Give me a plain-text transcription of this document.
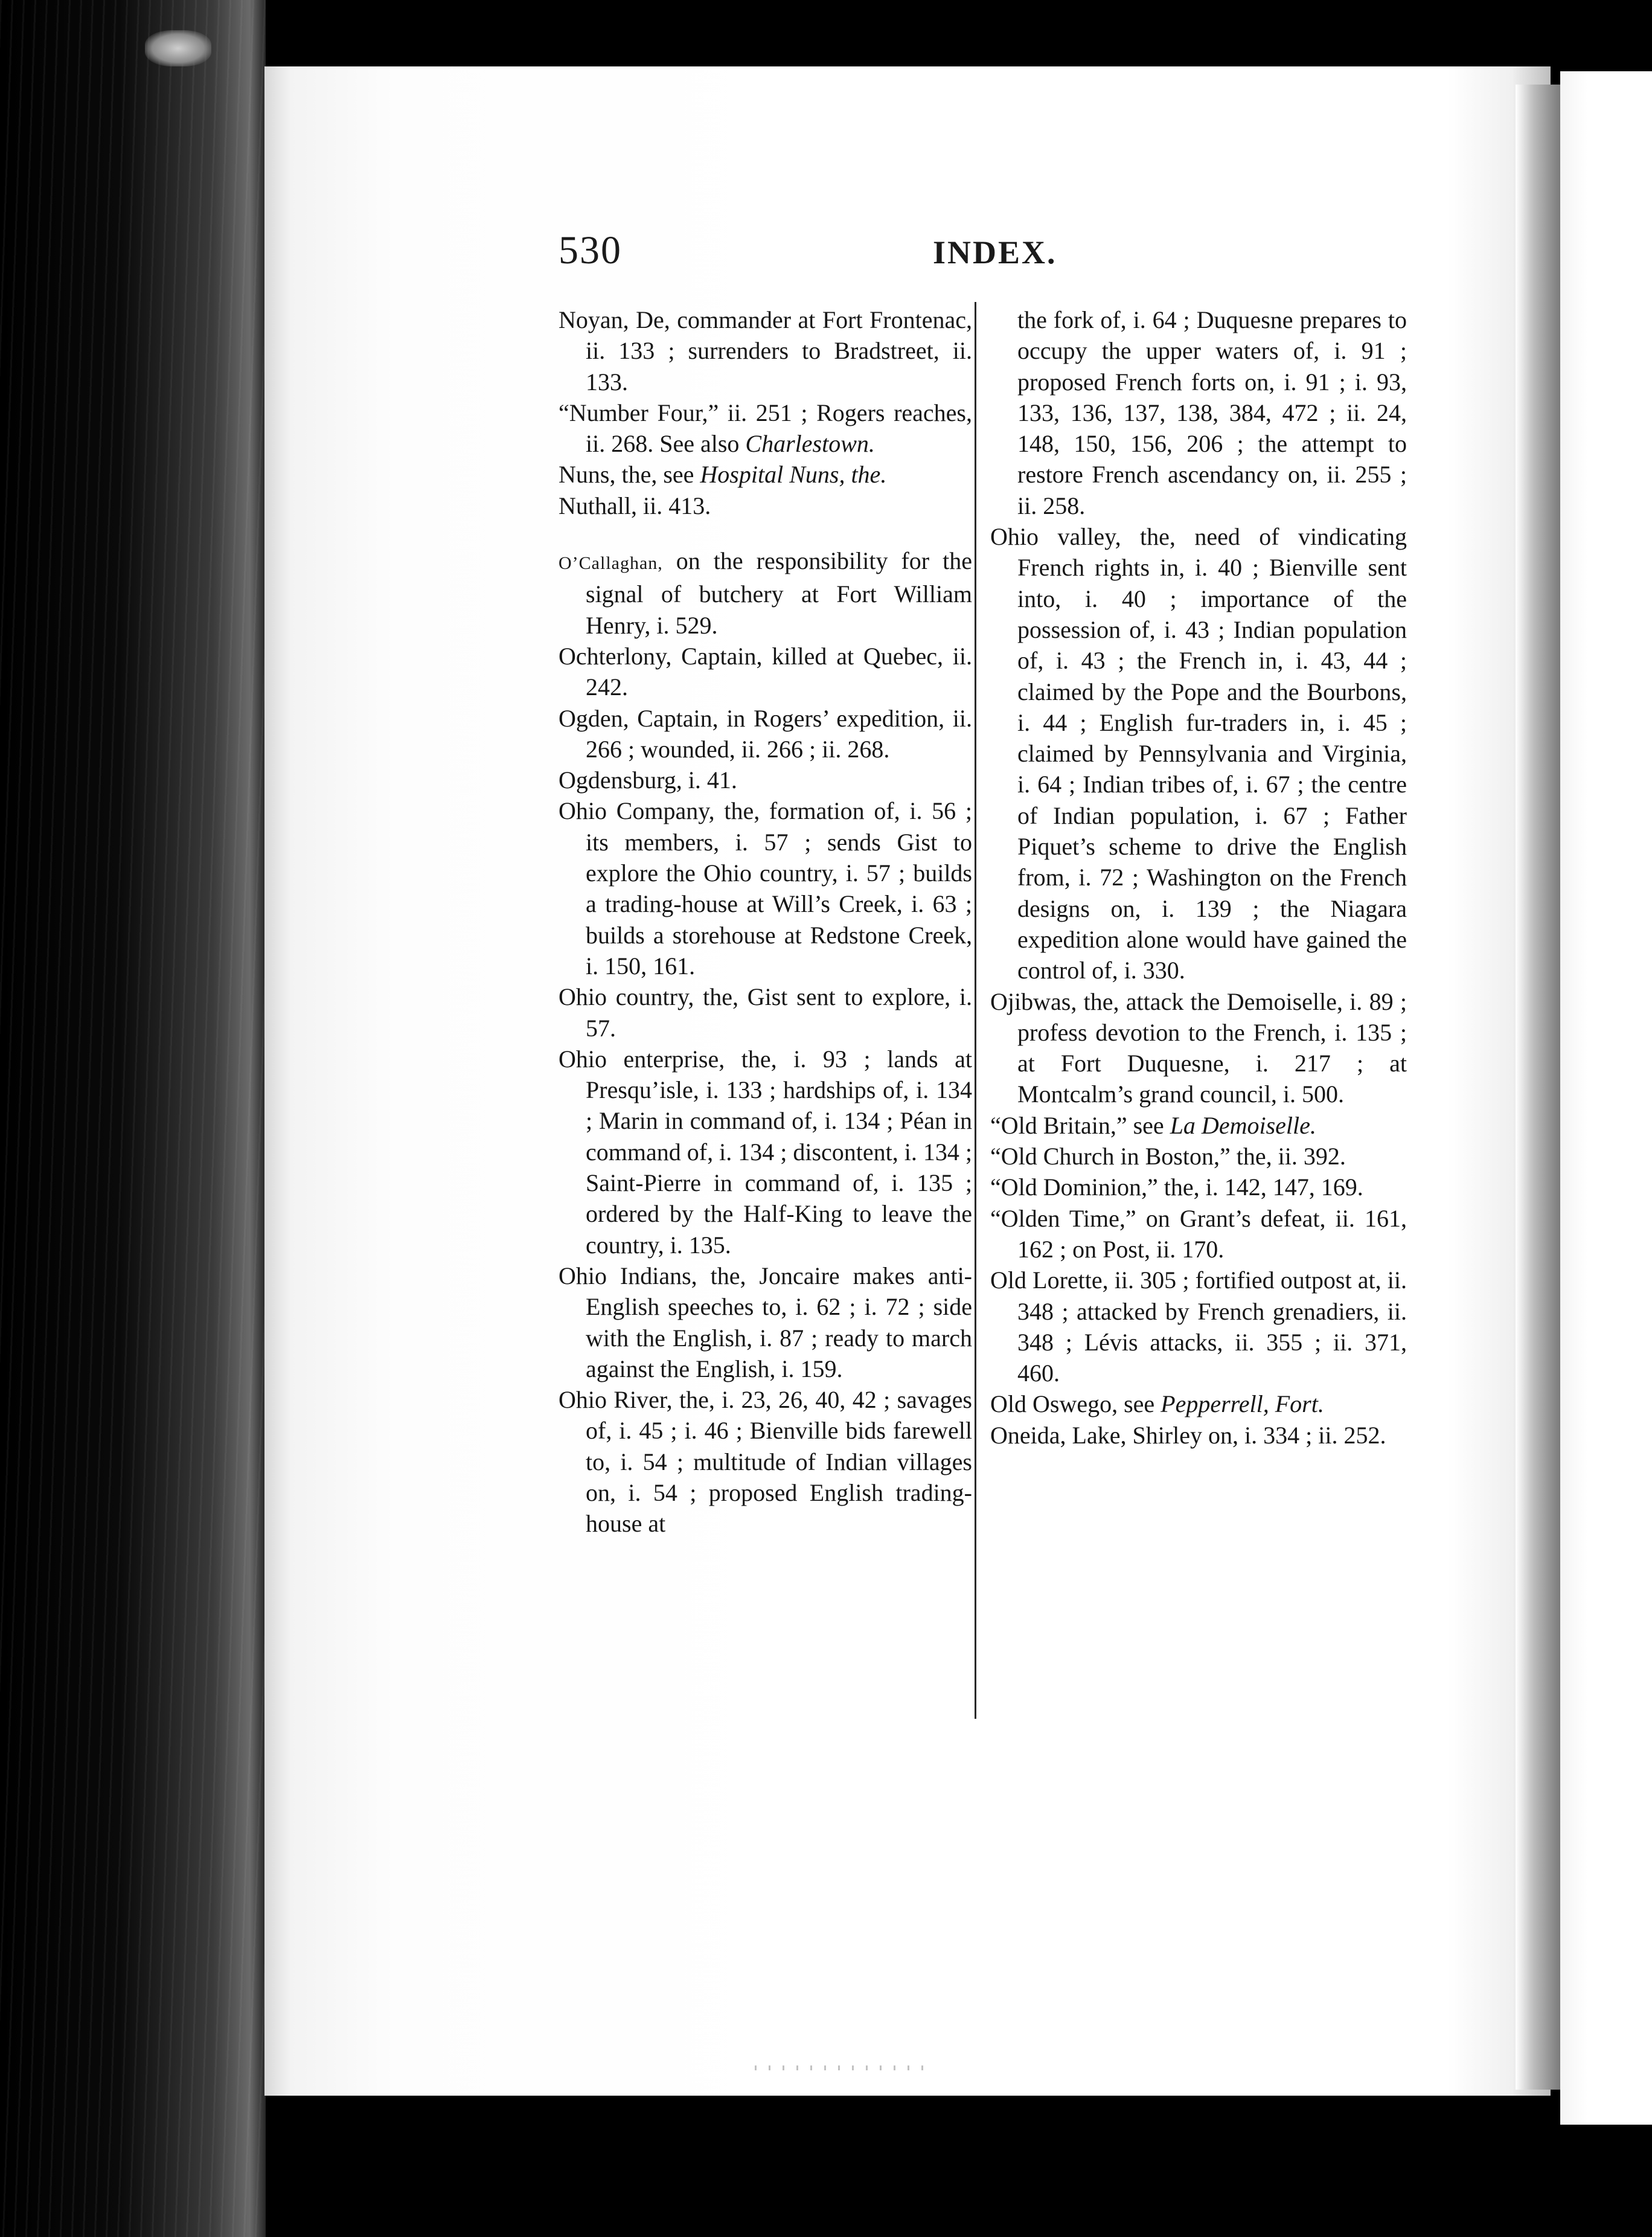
530	INDEX.

Noyan, De, commander at Fort Frontenac, ii. 133 ; surrenders to Bradstreet, ii. 133.

“Number Four,” ii. 251 ; Rogers reaches, ii. 268. See also Charlestown.

Nuns, the, see Hospital Nuns, the.

Nuthall, ii. 413.

O’Callaghan, on the responsibility for the signal of butchery at Fort William Henry, i. 529.

Ochterlony, Captain, killed at Quebec, ii. 242.

Ogden, Captain, in Rogers’ expedition, ii. 266 ; wounded, ii. 266 ; ii. 268.

Ogdensburg, i. 41.

Ohio Company, the, formation of, i. 56 ; its members, i. 57 ; sends Gist to explore the Ohio country, i. 57 ; builds a trading-house at Will’s Creek, i. 63 ; builds a storehouse at Redstone Creek, i. 150, 161.

Ohio country, the, Gist sent to explore, i. 57.

Ohio enterprise, the, i. 93 ; lands at Presqu’isle, i. 133 ; hardships of, i. 134 ; Marin in command of, i. 134 ; Péan in command of, i. 134 ; discontent, i. 134 ; Saint-Pierre in command of, i. 135 ; ordered by the Half-King to leave the country, i. 135.

Ohio Indians, the, Joncaire makes anti-English speeches to, i. 62 ; i. 72 ; side with the English, i. 87 ; ready to march against the English, i. 159.

Ohio River, the, i. 23, 26, 40, 42 ; savages of, i. 45 ; i. 46 ; Bienville bids farewell to, i. 54 ; multitude of Indian villages on, i. 54 ; proposed English trading-house at

the fork of, i. 64 ; Duquesne prepares to occupy the upper waters of, i. 91 ; proposed French forts on, i. 91 ; i. 93, 133, 136, 137, 138, 384, 472 ; ii. 24, 148, 150, 156, 206 ; the attempt to restore French ascendancy on, ii. 255 ; ii. 258.

Ohio valley, the, need of vindicating French rights in, i. 40 ; Bienville sent into, i. 40 ; importance of the possession of, i. 43 ; Indian population of, i. 43 ; the French in, i. 43, 44 ; claimed by the Pope and the Bourbons, i. 44 ; English fur-traders in, i. 45 ; claimed by Pennsylvania and Virginia, i. 64 ; Indian tribes of, i. 67 ; the centre of Indian population, i. 67 ; Father Piquet’s scheme to drive the English from, i. 72 ; Washington on the French designs on, i. 139 ; the Niagara expedition alone would have gained the control of, i. 330.

Ojibwas, the, attack the Demoiselle, i. 89 ; profess devotion to the French, i. 135 ; at Fort Duquesne, i. 217 ; at Montcalm’s grand council, i. 500.

“Old Britain,” see La Demoiselle.

“Old Church in Boston,” the, ii. 392.

“Old Dominion,” the, i. 142, 147, 169.

“Olden Time,” on Grant’s defeat, ii. 161, 162 ; on Post, ii. 170.

Old Lorette, ii. 305 ; fortified outpost at, ii. 348 ; attacked by French grenadiers, ii. 348 ; Lévis attacks, ii. 355 ; ii. 371, 460.

Old Oswego, see Pepperrell, Fort.

Oneida, Lake, Shirley on, i. 334 ; ii. 252.
